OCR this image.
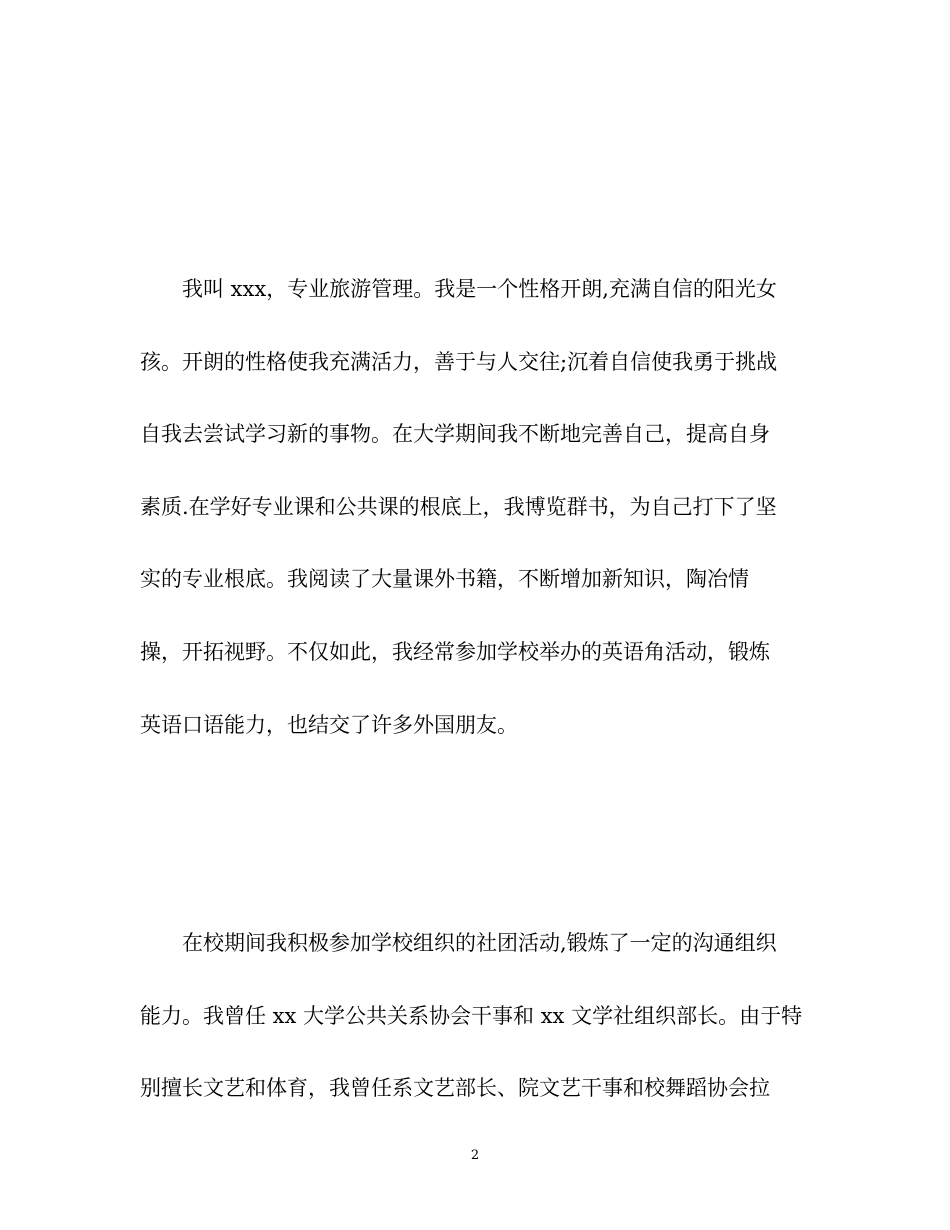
　　我叫 xxx，专业旅游管理。我是一个性格开朗,充满自信的阳光女
孩。开朗的性格使我充满活力，善于与人交往;沉着自信使我勇于挑战
自我去尝试学习新的事物。在大学期间我不断地完善自己，提高自身
素质.在学好专业课和公共课的根底上，我博览群书，为自己打下了坚
实的专业根底。我阅读了大量课外书籍，不断增加新知识，陶冶情
操，开拓视野。不仅如此，我经常参加学校举办的英语角活动，锻炼
英语口语能力，也结交了许多外国朋友。
　　在校期间我积极参加学校组织的社团活动,锻炼了一定的沟通组织
能力。我曾任 xx 大学公共关系协会干事和 xx 文学社组织部长。由于特
别擅长文艺和体育，我曾任系文艺部长、院文艺干事和校舞蹈协会拉
2
